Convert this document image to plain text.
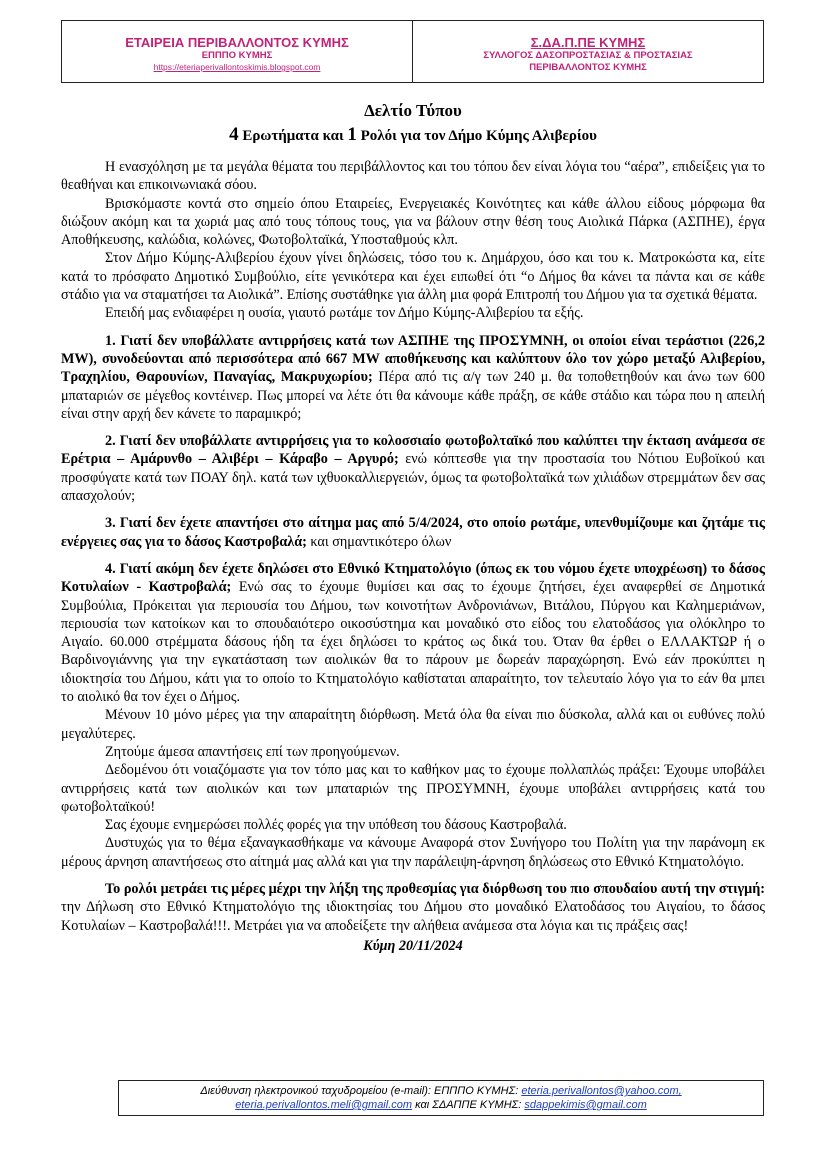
ΕΤΑΙΡΕΙΑ ΠΕΡΙΒΑΛΛΟΝΤΟΣ ΚΥΜΗΣ
ΕΠΠΠΟ ΚΥΜΗΣ
https://eteriaperivallontoskimis.blogspot.com
Σ.ΔΑ.Π.ΠΕ ΚΥΜΗΣ
ΣΥΛΛΟΓΟΣ ΔΑΣΟΠΡΟΣΤΑΣΙΑΣ & ΠΡΟΣΤΑΣΙΑΣ
ΠΕΡΙΒΑΛΛΟΝΤΟΣ ΚΥΜΗΣ
Δελτίο Τύπου
4 Ερωτήματα και 1 Ρολόι για τον Δήμο Κύμης Αλιβερίου

Η ενασχόληση με τα μεγάλα θέματα του περιβάλλοντος και του τόπου δεν είναι λόγια του “αέρα”, επιδείξεις για το θεαθήναι και επικοινωνιακά σόου.

Βρισκόμαστε κοντά στο σημείο όπου Εταιρείες, Ενεργειακές Κοινότητες και κάθε άλλου είδους μόρφωμα θα διώξουν ακόμη και τα χωριά μας από τους τόπους τους, για να βάλουν στην θέση τους Αιολικά Πάρκα (ΑΣΠΗΕ), έργα Αποθήκευσης, καλώδια, κολώνες, Φωτοβολταϊκά, Υποσταθμούς κλπ.

Στον Δήμο Κύμης-Αλιβερίου έχουν γίνει δηλώσεις, τόσο του κ. Δημάρχου, όσο και του κ. Ματροκώστα κα, είτε κατά το πρόσφατο Δημοτικό Συμβούλιο, είτε γενικότερα και έχει ειπωθεί ότι “ο Δήμος θα κάνει τα πάντα και σε κάθε στάδιο για να σταματήσει τα Αιολικά”. Επίσης συστάθηκε για άλλη μια φορά Επιτροπή του Δήμου για τα σχετικά θέματα.

Επειδή μας ενδιαφέρει η ουσία, γιαυτό ρωτάμε τον Δήμο Κύμης-Αλιβερίου τα εξής.

1. Γιατί δεν υποβάλλατε αντιρρήσεις κατά των ΑΣΠΗΕ της ΠΡΟΣΥΜΝΗ, οι οποίοι είναι τεράστιοι (226,2 MW), συνοδεύονται από περισσότερα από 667 MW αποθήκευσης και καλύπτουν όλο τον χώρο μεταξύ Αλιβερίου, Τραχηλίου, Θαρουνίων, Παναγίας, Μακρυχωρίου; Πέρα από τις α/γ των 240 μ. θα τοποθετηθούν και άνω των 600 μπαταριών σε μέγεθος κοντέινερ. Πως μπορεί να λέτε ότι θα κάνουμε κάθε πράξη, σε κάθε στάδιο και τώρα που η απειλή είναι στην αρχή δεν κάνετε το παραμικρό;

2. Γιατί δεν υποβάλλατε αντιρρήσεις για το κολοσσιαίο φωτοβολταϊκό που καλύπτει την έκταση ανάμεσα σε Ερέτρια – Αμάρυνθο – Αλιβέρι – Κάραβο – Αργυρό; ενώ κόπτεσθε για την προστασία του Νότιου Ευβοϊκού και προσφύγατε κατά των ΠΟΑΥ δηλ. κατά των ιχθυοκαλλιεργειών, όμως τα φωτοβολταϊκά των χιλιάδων στρεμμάτων δεν σας απασχολούν;

3. Γιατί δεν έχετε απαντήσει στο αίτημα μας από 5/4/2024, στο οποίο ρωτάμε, υπενθυμίζουμε και ζητάμε τις ενέργειες σας για το δάσος Καστροβαλά; και σημαντικότερο όλων

4. Γιατί ακόμη δεν έχετε δηλώσει στο Εθνικό Κτηματολόγιο (όπως εκ του νόμου έχετε υποχρέωση) το δάσος Κοτυλαίων - Καστροβαλά; Ενώ σας το έχουμε θυμίσει και σας το έχουμε ζητήσει, έχει αναφερθεί σε Δημοτικά Συμβούλια, Πρόκειται για περιουσία του Δήμου, των κοινοτήτων Ανδρονιάνων, Βιτάλου, Πύργου και Καλημεριάνων, περιουσία των κατοίκων και το σπουδαιότερο οικοσύστημα και μοναδικό στο είδος του ελατοδάσος για ολόκληρο το Αιγαίο. 60.000 στρέμματα δάσους ήδη τα έχει δηλώσει το κράτος ως δικά του. Όταν θα έρθει ο ΕΛΛΑΚΤΩΡ ή ο Βαρδινογιάννης για την εγκατάσταση των αιολικών θα το πάρουν με δωρεάν παραχώρηση. Ενώ εάν προκύπτει η ιδιοκτησία του Δήμου, κάτι για το οποίο το Κτηματολόγιο καθίσταται απαραίτητο, τον τελευταίο λόγο για το εάν θα μπει το αιολικό θα τον έχει ο Δήμος.

Μένουν 10 μόνο μέρες για την απαραίτητη διόρθωση. Μετά όλα θα είναι πιο δύσκολα, αλλά και οι ευθύνες πολύ μεγαλύτερες.

Ζητούμε άμεσα απαντήσεις επί των προηγούμενων.

Δεδομένου ότι νοιαζόμαστε για τον τόπο μας και το καθήκον μας το έχουμε πολλαπλώς πράξει: Έχουμε υποβάλει αντιρρήσεις κατά των αιολικών και των μπαταριών της ΠΡΟΣΥΜΝΗ, έχουμε υποβάλει αντιρρήσεις κατά του φωτοβολταϊκού!

Σας έχουμε ενημερώσει πολλές φορές για την υπόθεση του δάσους Καστροβαλά.

Δυστυχώς για το θέμα εξαναγκασθήκαμε να κάνουμε Αναφορά στον Συνήγορο του Πολίτη για την παράνομη εκ μέρους άρνηση απαντήσεως στο αίτημά μας αλλά και για την παράλειψη-άρνηση δηλώσεως στο Εθνικό Κτηματολόγιο.

Το ρολόι μετράει τις μέρες μέχρι την λήξη της προθεσμίας για διόρθωση του πιο σπουδαίου αυτή την στιγμή: την Δήλωση στο Εθνικό Κτηματολόγιο της ιδιοκτησίας του Δήμου στο μοναδικό Ελατοδάσος του Αιγαίου, το δάσος Κοτυλαίων – Καστροβαλά!!!. Μετράει για να αποδείξετε την αλήθεια ανάμεσα στα λόγια και τις πράξεις σας!

Κύμη 20/11/2024

Διεύθυνση ηλεκτρονικού ταχυδρομείου (e-mail): ΕΠΠΠΟ ΚΥΜΗΣ: eteria.perivallontos@yahoo.com,
eteria.perivallontos.meli@gmail.com και ΣΔΑΠΠΕ ΚΥΜΗΣ: sdappekimis@gmail.com
